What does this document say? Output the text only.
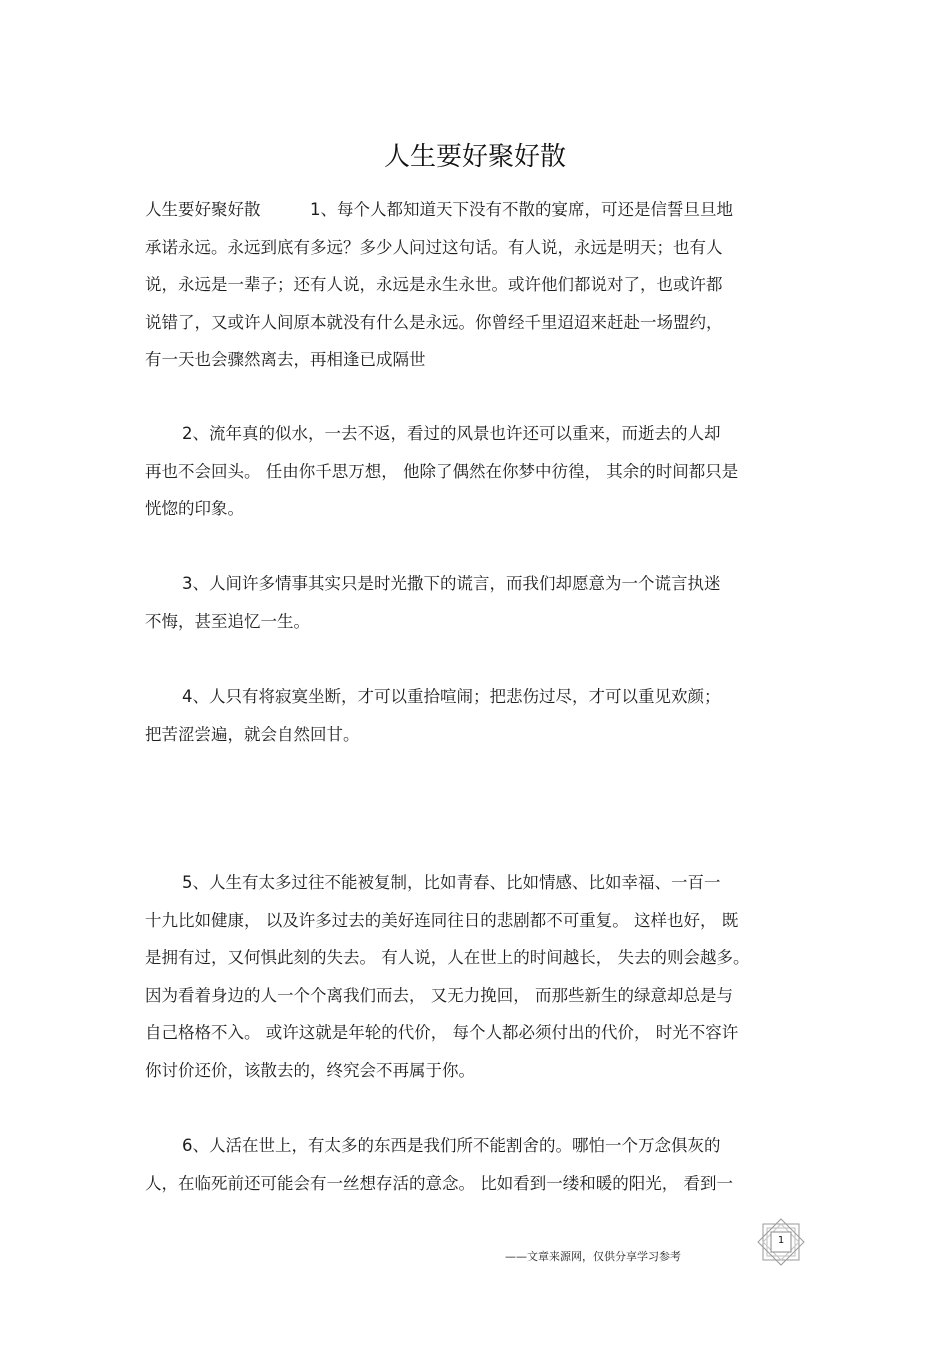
人生要好聚好散
人生要好聚好散　　　1、每个人都知道天下没有不散的宴席，可还是信誓旦旦地
承诺永远。永远到底有多远？多少人问过这句话。有人说，永远是明天；也有人
说，永远是一辈子；还有人说，永远是永生永世。或许他们都说对了，也或许都
说错了，又或许人间原本就没有什么是永远。你曾经千里迢迢来赶赴一场盟约，
有一天也会骤然离去，再相逢已成隔世
2、流年真的似水，一去不返，看过的风景也许还可以重来，而逝去的人却
再也不会回头。 任由你千思万想， 他除了偶然在你梦中彷徨， 其余的时间都只是
恍惚的印象。
3、人间许多情事其实只是时光撒下的谎言，而我们却愿意为一个谎言执迷
不悔，甚至追忆一生。
4、人只有将寂寞坐断，才可以重拾喧闹；把悲伤过尽，才可以重见欢颜；
把苦涩尝遍，就会自然回甘。
5、人生有太多过往不能被复制，比如青春、比如情感、比如幸福、一百一
十九比如健康， 以及许多过去的美好连同往日的悲剧都不可重复。 这样也好， 既
是拥有过，又何惧此刻的失去。 有人说，人在世上的时间越长， 失去的则会越多。
因为看着身边的人一个个离我们而去， 又无力挽回， 而那些新生的绿意却总是与
自己格格不入。 或许这就是年轮的代价， 每个人都必须付出的代价， 时光不容许
你讨价还价，该散去的，终究会不再属于你。
6、人活在世上，有太多的东西是我们所不能割舍的。哪怕一个万念俱灰的
人，在临死前还可能会有一丝想存活的意念。 比如看到一缕和暖的阳光， 看到一
——文章来源网，仅供分享学习参考
1
